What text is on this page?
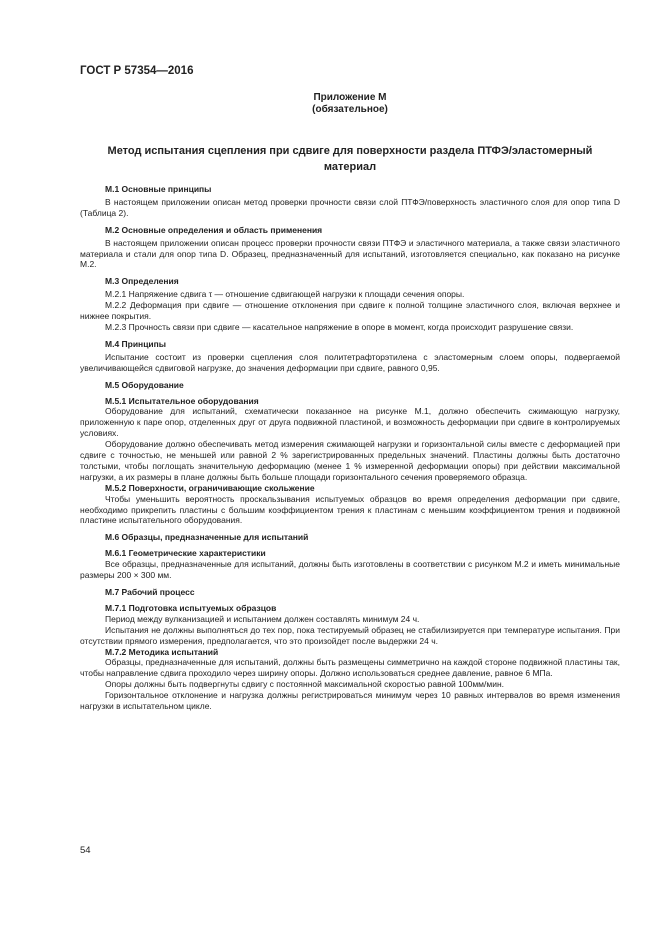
ГОСТ Р 57354—2016
Приложение М
(обязательное)
Метод испытания сцепления при сдвиге для поверхности раздела ПТФЭ/эластомерный
материал
М.1 Основные принципы

В настоящем приложении описан метод проверки прочности связи слой ПТФЭ/поверхность эластичного слоя для опор типа D (Таблица 2).

М.2 Основные определения и область применения

В настоящем приложении описан процесс проверки прочности связи ПТФЭ и эластичного материала, а также связи эластичного материала и стали для опор типа D. Образец, предназначенный для испытаний, изготовляется специально, как показано на рисунке М.2.

М.3 Определения

М.2.1 Напряжение сдвига τ — отношение сдвигающей нагрузки к площади сечения опоры.

М.2.2 Деформация при сдвиге — отношение отклонения при сдвиге к полной толщине эластичного слоя, включая верхнее и нижнее покрытия.

М.2.3 Прочность связи при сдвиге — касательное напряжение в опоре в момент, когда происходит разрушение связи.

М.4 Принципы

Испытание состоит из проверки сцепления слоя политетрафторэтилена с эластомерным слоем опоры, подвергаемой увеличивающейся сдвиговой нагрузке, до значения деформации при сдвиге, равного 0,95.

М.5 Оборудование
М.5.1 Испытательное оборудования

Оборудование для испытаний, схематически показанное на рисунке М.1, должно обеспечить сжимающую нагрузку, приложенную к паре опор, отделенных друг от друга подвижной пластиной, и возможность деформации при сдвиге в контролируемых условиях.

Оборудование должно обеспечивать метод измерения сжимающей нагрузки и горизонтальной силы вместе с деформацией при сдвиге с точностью, не меньшей или равной 2 % зарегистрированных предельных значений. Пластины должны быть достаточно толстыми, чтобы поглощать значительную деформацию (менее 1 % измеренной деформации опоры) при действии максимальной нагрузки, а их размеры в плане должны быть больше площади горизонтального сечения проверяемого образца.

М.5.2 Поверхности, ограничивающие скольжение

Чтобы уменьшить вероятность проскальзывания испытуемых образцов во время определения деформации при сдвиге, необходимо прикрепить пластины с большим коэффициентом трения к пластинам с меньшим коэффициентом трения и подвижной пластине испытательного оборудования.

М.6 Образцы, предназначенные для испытаний
М.6.1 Геометрические характеристики

Все образцы, предназначенные для испытаний, должны быть изготовлены в соответствии с рисунком М.2 и иметь минимальные размеры 200 × 300 мм.

М.7 Рабочий процесс
М.7.1 Подготовка испытуемых образцов

Период между вулканизацией и испытанием должен составлять минимум 24 ч.

Испытания не должны выполняться до тех пор, пока тестируемый образец не стабилизируется при температуре испытания. При отсутствии прямого измерения, предполагается, что это произойдет после выдержки 24 ч.

М.7.2 Методика испытаний

Образцы, предназначенные для испытаний, должны быть размещены симметрично на каждой стороне подвижной пластины так, чтобы направление сдвига проходило через ширину опоры. Должно использоваться среднее давление, равное 6 МПа.

Опоры должны быть подвергнуты сдвигу с постоянной максимальной скоростью равной 100мм/мин.

Горизонтальное отклонение и нагрузка должны регистрироваться минимум через 10 равных интервалов во время изменения нагрузки в испытательном цикле.

54
